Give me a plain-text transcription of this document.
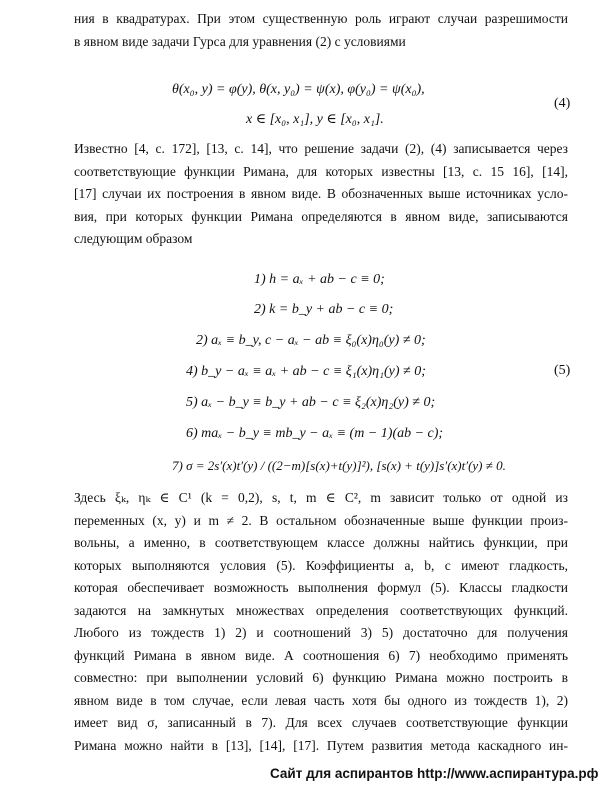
ния в квадратурах. При этом существенную роль играют случаи разрешимости
в явном виде задачи Гурса для уравнения (2) с условиями
θ(x₀, y) = φ(y), θ(x, y₀) = ψ(x), φ(y₀) = ψ(x₀),
(4)
x ∈ [x₀, x₁], y ∈ [x₀, x₁].
Известно [4, с. 172], [13, с. 14], что решение задачи (2), (4) записывается через
соответствующие функции Римана, для которых известны [13, с. 15 16], [14],
[17] случаи их построения в явном виде. В обозначенных выше источниках усло-
вия, при которых функции Римана определяются в явном виде, записываются
следующим образом
1) h = aₓ + ab − c ≡ 0;
2) k = b_y + ab − c ≡ 0;
2) aₓ ≡ b_y, c − aₓ − ab ≡ ξ₀(x)η₀(y) ≠ 0;
4) b_y − aₓ ≡ aₓ + ab − c ≡ ξ₁(x)η₁(y) ≠ 0;	(5)
5) aₓ − b_y ≡ b_y + ab − c ≡ ξ₂(x)η₂(y) ≠ 0;
6) maₓ − b_y ≡ mb_y − aₓ ≡ (m − 1)(ab − c);
7) σ = 2s′(x)t′(y) / ((2−m)[s(x)+t(y)]²), [s(x) + t(y)]s′(x)t′(y) ≠ 0.
Здесь ξₖ, ηₖ ∈ C¹ (k = 0,2), s, t, m ∈ C², m зависит только от одной из
переменных (x, y) и m ≠ 2. В остальном обозначенные выше функции произ-
вольны, а именно, в соответствующем классе должны найтись функции, при
которых выполняются условия (5). Коэффициенты a, b, c имеют гладкость,
которая обеспечивает возможность выполнения формул (5). Классы гладкости
задаются на замкнутых множествах определения соответствующих функций.
Любого из тождеств 1) 2) и соотношений 3) 5) достаточно для получения
функций Римана в явном виде. А соотношения 6) 7) необходимо применять
совместно: при выполнении условий 6) функцию Римана можно построить в
явном виде в том случае, если левая часть хотя бы одного из тождеств 1), 2)
имеет вид σ, записанный в 7). Для всех случаев соответствующие функции
Римана можно найти в [13], [14], [17]. Путем развития метода каскадного ин-
Сайт для аспирантов http://www.аспирантура.рф
